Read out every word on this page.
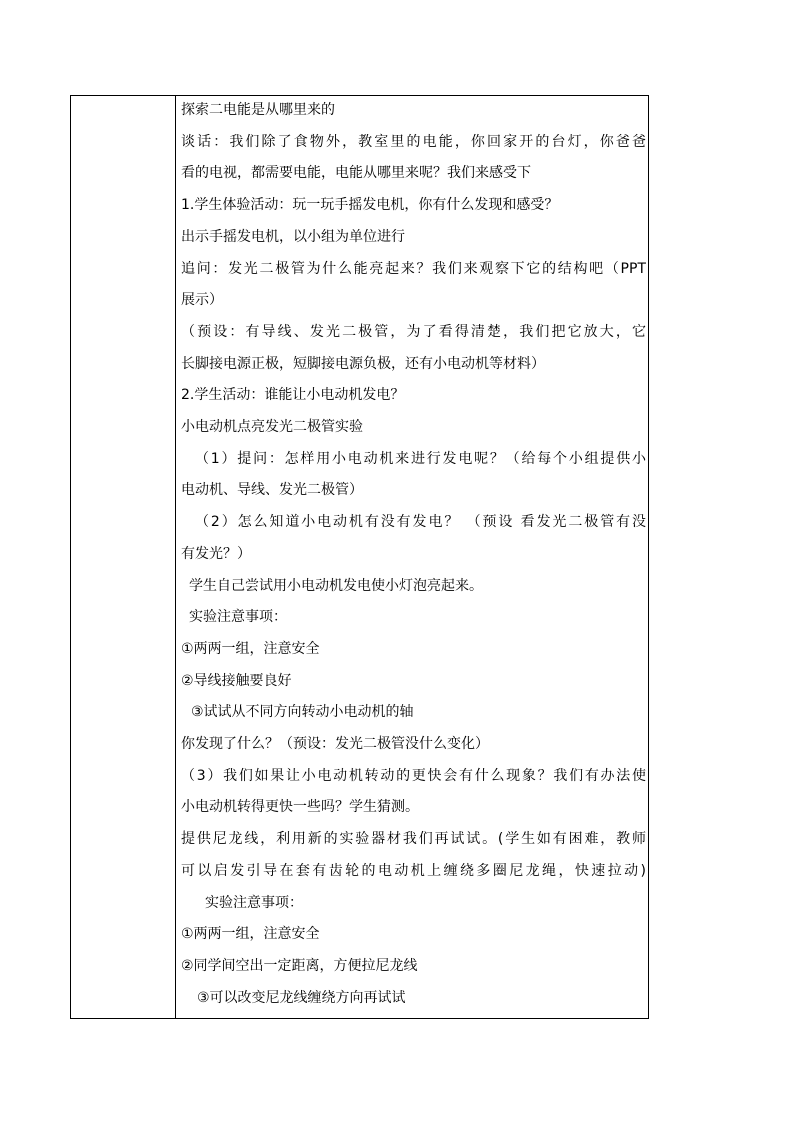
探索二电能是从哪里来的
谈话：我们除了食物外，教室里的电能，你回家开的台灯，你爸爸
看的电视，都需要电能，电能从哪里来呢？我们来感受下
1.学生体验活动：玩一玩手摇发电机，你有什么发现和感受？
出示手摇发电机，以小组为单位进行
追问：发光二极管为什么能亮起来？我们来观察下它的结构吧（PPT
展示）
（预设：有导线、发光二极管，为了看得清楚，我们把它放大，它
长脚接电源正极，短脚接电源负极，还有小电动机等材料）
2.学生活动：谁能让小电动机发电？
小电动机点亮发光二极管实验
（1）提问：怎样用小电动机来进行发电呢？（给每个小组提供小
电动机、导线、发光二极管）
（2）怎么知道小电动机有没有发电？ （预设 看发光二极管有没
有发光？）
学生自己尝试用小电动机发电使小灯泡亮起来。
实验注意事项：
①两两一组，注意安全
②导线接触要良好
③试试从不同方向转动小电动机的轴
你发现了什么？（预设：发光二极管没什么变化）
（3）我们如果让小电动机转动的更快会有什么现象？我们有办法使
小电动机转得更快一些吗？学生猜测。
提供尼龙线，利用新的实验器材我们再试试。(学生如有困难，教师
可以启发引导在套有齿轮的电动机上缠绕多圈尼龙绳，快速拉动)
实验注意事项：
①两两一组，注意安全
②同学间空出一定距离，方便拉尼龙线
③可以改变尼龙线缠绕方向再试试
